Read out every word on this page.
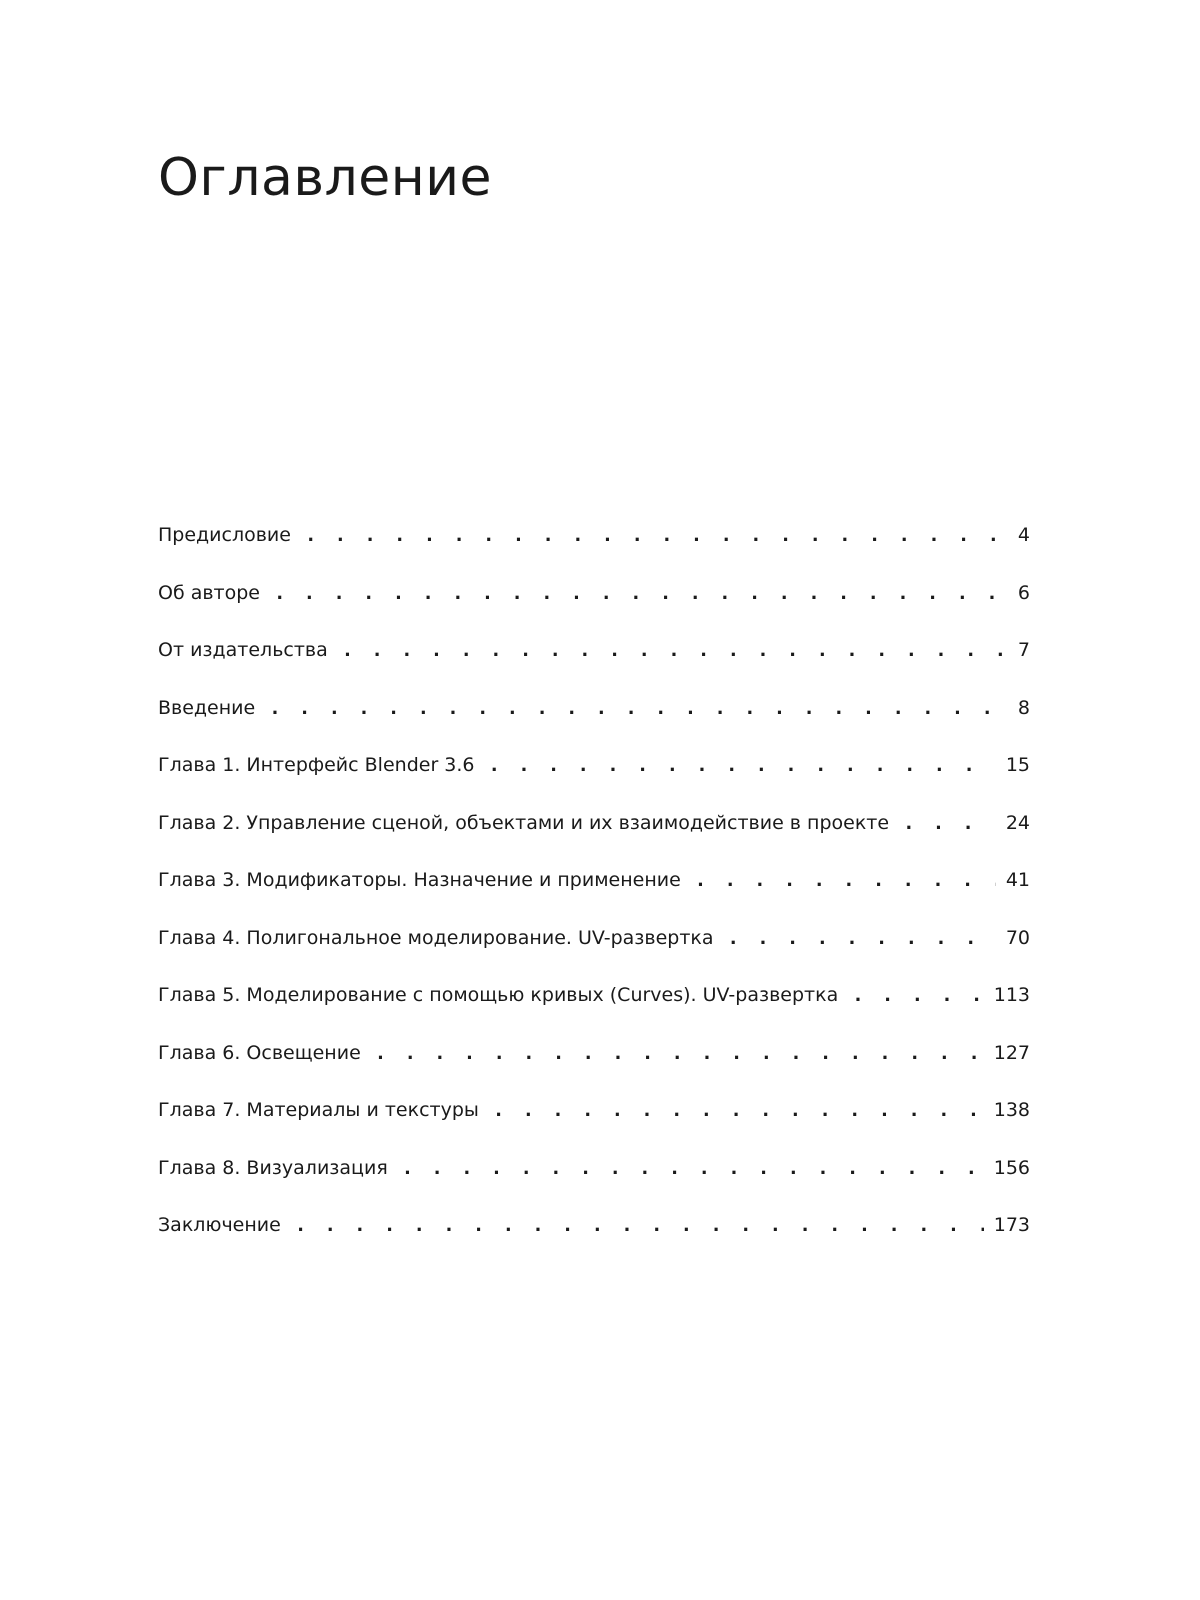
Оглавление
Предисловие . . .	4
Об авторе . . .	6
От издательства . . .	7
Введение . . .	8
Глава 1. Интерфейс Blender 3.6 . . .	15
Глава 2. Управление сценой, объектами и их взаимодействие в проекте . . .	24
Глава 3. Модификаторы. Назначение и применение . . .	41
Глава 4. Полигональное моделирование. UV-развертка . . .	70
Глава 5. Моделирование с помощью кривых (Curves). UV-развертка . . .	113
Глава 6. Освещение . . .	127
Глава 7. Материалы и текстуры . . .	138
Глава 8. Визуализация . . .	156
Заключение . . .	173
